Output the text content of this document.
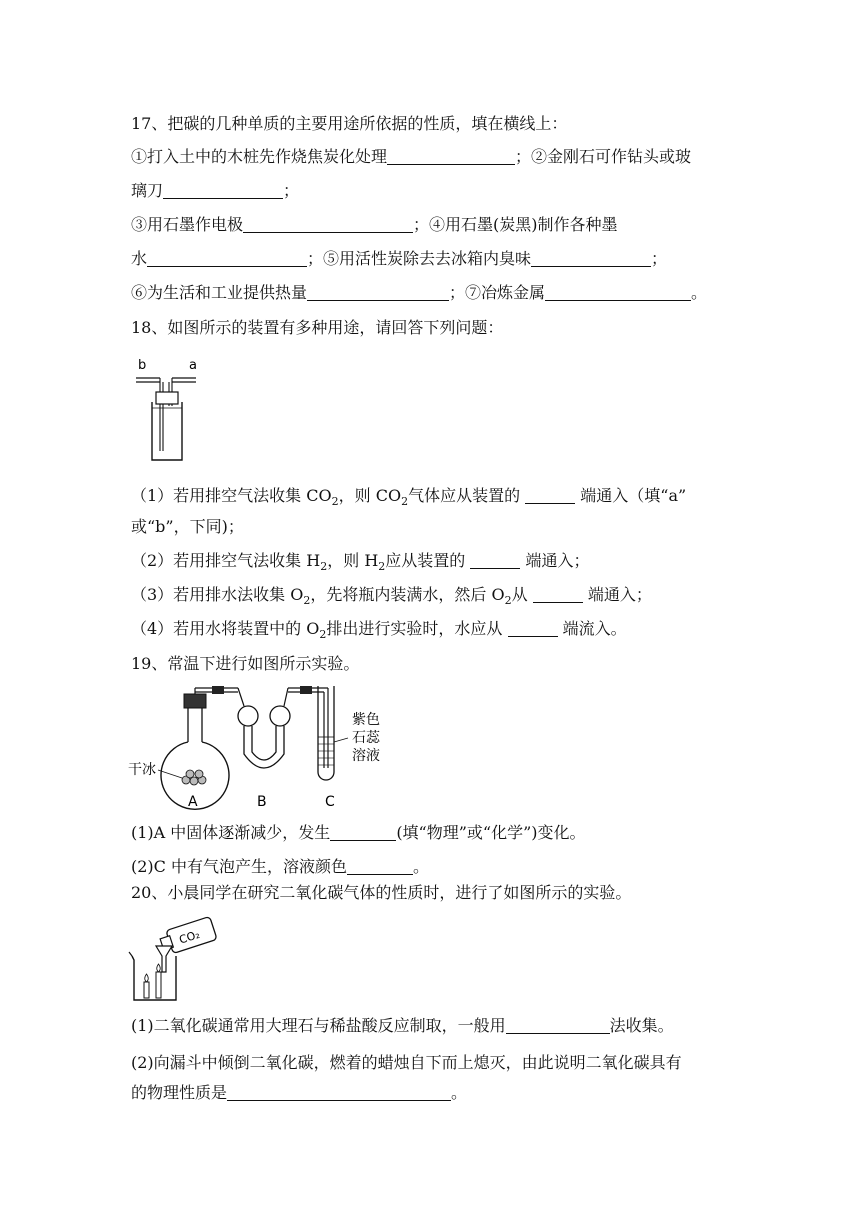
17、把碳的几种单质的主要用途所依据的性质，填在横线上：
①打入土中的木桩先作烧焦炭化处理	；②金刚石可作钻头或玻
璃刀	；
③用石墨作电极	；④用石墨(炭黑)制作各种墨
水	；⑤用活性炭除去去冰箱内臭味	；
⑥为生活和工业提供热量	；⑦冶炼金属	。
18、如图所示的装置有多种用途，请回答下列问题：
b	a
（1）若用排空气法收集 $CO_2$，则 $CO_2$气体应从装置的	端通入（填“a”
或“b”，下同)；
（2）若用排空气法收集 $H_2$，则 $H_2$应从装置的	端通入；
（3）若用排水法收集 $O_2$，先将瓶内装满水，然后 $O_2$从	端通入；
（4）若用水将装置中的 $O_2$排出进行实验时，水应从	端流入。
19、常温下进行如图所示实验。
干冰
紫色
石蕊
溶液
A	B	C
(1)A 中固体逐渐减少，发生	(填“物理”或“化学”)变化。
(2)C 中有气泡产生，溶液颜色	。
20、小晨同学在研究二氧化碳气体的性质时，进行了如图所示的实验。
CO₂
(1)二氧化碳通常用大理石与稀盐酸反应制取，一般用	法收集。
(2)向漏斗中倾倒二氧化碳，燃着的蜡烛自下而上熄灭，由此说明二氧化碳具有
的物理性质是	。
